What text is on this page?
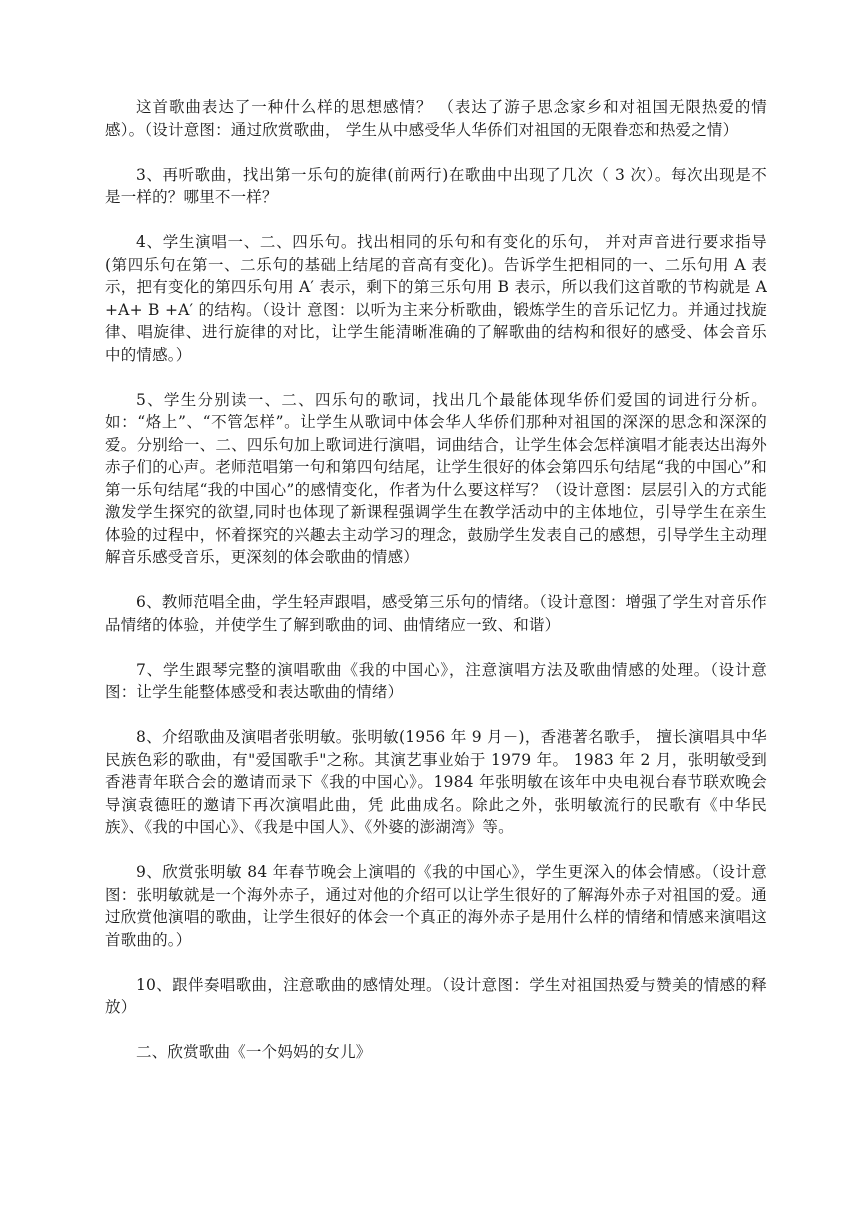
这首歌曲表达了一种什么样的思想感情？ （表达了游子思念家乡和对祖国无限热爱的情感）。（设计意图：通过欣赏歌曲， 学生从中感受华人华侨们对祖国的无限眷恋和热爱之情）

3、再听歌曲，找出第一乐句的旋律(前两行)在歌曲中出现了几次（ 3 次）。每次出现是不是一样的？哪里不一样？

4、学生演唱一、二、四乐句。找出相同的乐句和有变化的乐句， 并对声音进行要求指导(第四乐句在第一、二乐句的基础上结尾的音高有变化)。告诉学生把相同的一、二乐句用 A 表示，把有变化的第四乐句用 A′ 表示，剩下的第三乐句用 B 表示，所以我们这首歌的节构就是 A+A+ B +A′ 的结构。（设计 意图：以听为主来分析歌曲，锻炼学生的音乐记忆力。并通过找旋律、唱旋律、进行旋律的对比，让学生能清晰准确的了解歌曲的结构和很好的感受、体会音乐 中的情感。）

5、学生分别读一、二、四乐句的歌词，找出几个最能体现华侨们爱国的词进行分析。如：“烙上”、“不管怎样”。让学生从歌词中体会华人华侨们那种对祖国的深深的思念和深深的爱。分别给一、二、四乐句加上歌词进行演唱，词曲结合，让学生体会怎样演唱才能表达出海外赤子们的心声。老师范唱第一句和第四句结尾，让学生很好的体会第四乐句结尾“我的中国心”和第一乐句结尾“我的中国心”的感情变化，作者为什么要这样写？（设计意图：层层引入的方式能激发学生探究的欲望,同时也体现了新课程强调学生在教学活动中的主体地位，引导学生在亲生体验的过程中，怀着探究的兴趣去主动学习的理念，鼓励学生发表自己的感想，引导学生主动理解音乐感受音乐，更深刻的体会歌曲的情感）

6、教师范唱全曲，学生轻声跟唱，感受第三乐句的情绪。（设计意图：增强了学生对音乐作品情绪的体验，并使学生了解到歌曲的词、曲情绪应一致、和谐）

7、学生跟琴完整的演唱歌曲《我的中国心》，注意演唱方法及歌曲情感的处理。（设计意图：让学生能整体感受和表达歌曲的情绪）

8、介绍歌曲及演唱者张明敏。张明敏(1956 年 9 月－)，香港著名歌手， 擅长演唱具中华民族色彩的歌曲，有"爱国歌手"之称。其演艺事业始于 1979 年。 1983 年 2 月，张明敏受到香港青年联合会的邀请而录下《我的中国心》。1984 年张明敏在该年中央电视台春节联欢晚会导演袁德旺的邀请下再次演唱此曲，凭 此曲成名。除此之外，张明敏流行的民歌有《中华民族》、《我的中国心》、《我是中国人》、《外婆的澎湖湾》等。

9、欣赏张明敏 84 年春节晚会上演唱的《我的中国心》，学生更深入的体会情感。（设计意图：张明敏就是一个海外赤子，通过对他的介绍可以让学生很好的了解海外赤子对祖国的爱。通过欣赏他演唱的歌曲，让学生很好的体会一个真正的海外赤子是用什么样的情绪和情感来演唱这首歌曲的。）

10、跟伴奏唱歌曲，注意歌曲的感情处理。（设计意图：学生对祖国热爱与赞美的情感的释放）

二、欣赏歌曲《一个妈妈的女儿》
